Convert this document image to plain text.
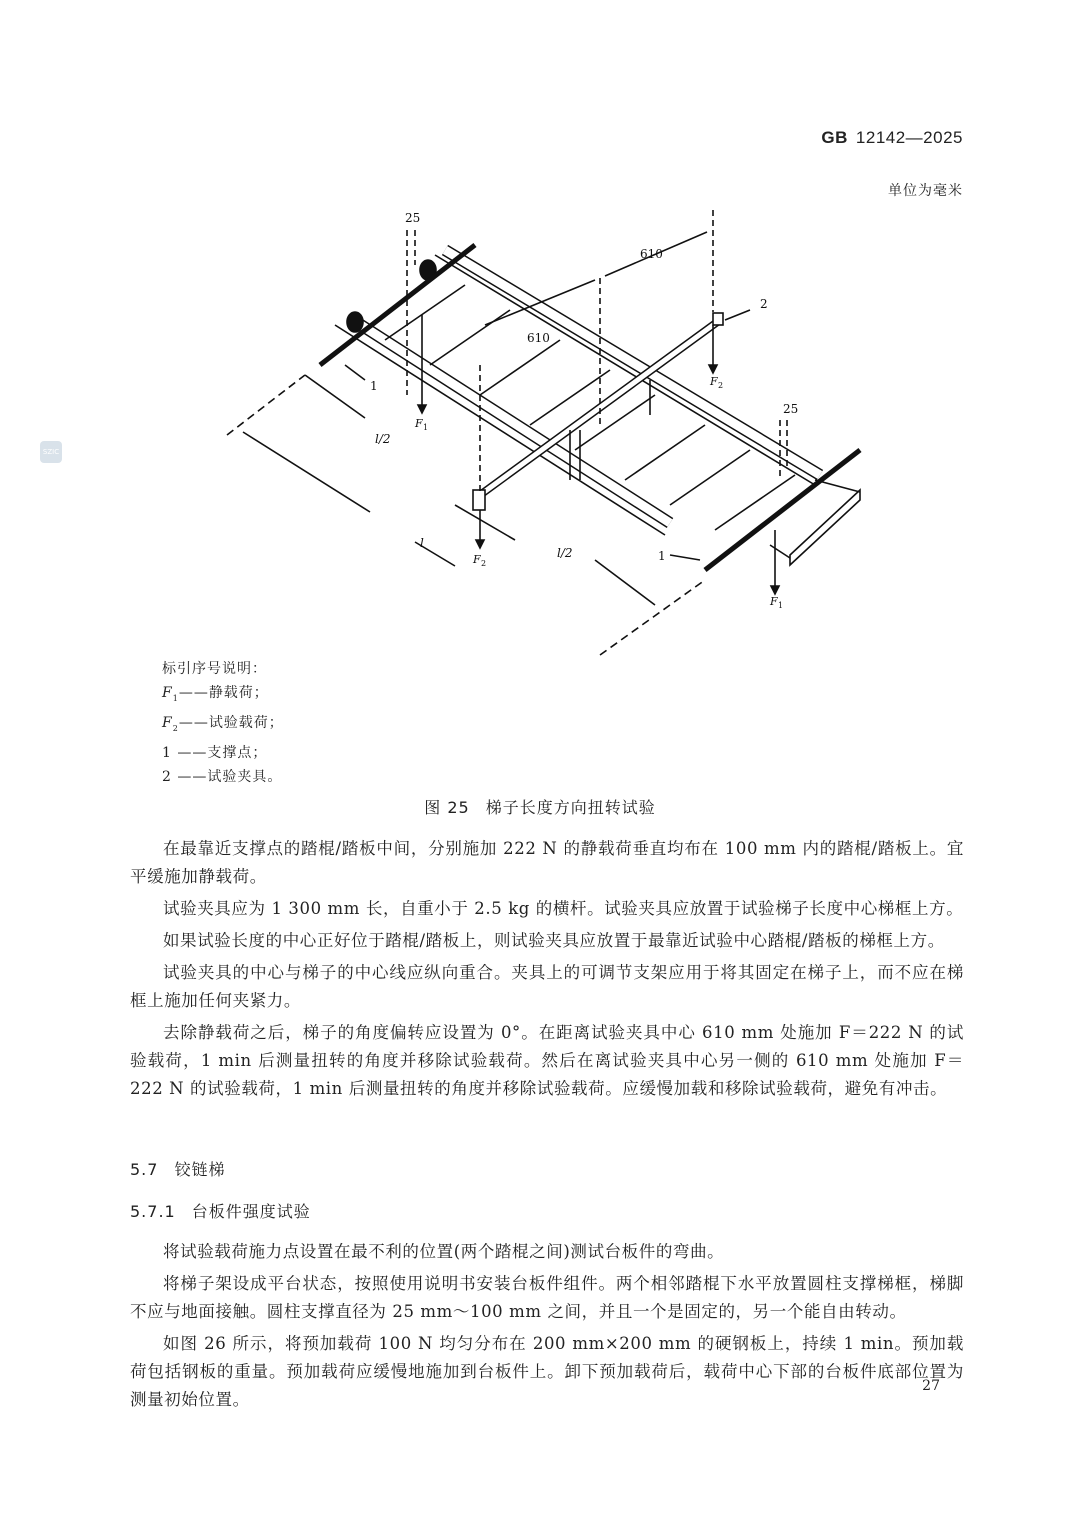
GB 12142—2025
单位为毫米
SZIC
25
610
610
25
2
1
1
F 1
F 2
F 2
F 1
l/2
l/2
l
标引序号说明：
$F_1——$静载荷；
$F_2——$试验载荷；
1 ——支撑点；
2 ——试验夹具。
图 25 梯子长度方向扭转试验

在最靠近支撑点的踏棍/踏板中间，分别施加 222 N 的静载荷垂直均布在 100 mm 内的踏棍/踏板上。宜平缓施加静载荷。

试验夹具应为 1 300 mm 长，自重小于 2.5 kg 的横杆。试验夹具应放置于试验梯子长度中心梯框上方。

如果试验长度的中心正好位于踏棍/踏板上，则试验夹具应放置于最靠近试验中心踏棍/踏板的梯框上方。

试验夹具的中心与梯子的中心线应纵向重合。夹具上的可调节支架应用于将其固定在梯子上，而不应在梯框上施加任何夹紧力。

去除静载荷之后，梯子的角度偏转应设置为 0°。在距离试验夹具中心 610 mm 处施加 F＝222 N 的试验载荷，1 min 后测量扭转的角度并移除试验载荷。然后在离试验夹具中心另一侧的 610 mm 处施加 F＝222 N 的试验载荷，1 min 后测量扭转的角度并移除试验载荷。应缓慢加载和移除试验载荷，避免有冲击。

5.7 铰链梯
5.7.1 台板件强度试验

将试验载荷施力点设置在最不利的位置(两个踏棍之间)测试台板件的弯曲。

将梯子架设成平台状态，按照使用说明书安装台板件组件。两个相邻踏棍下水平放置圆柱支撑梯框，梯脚不应与地面接触。圆柱支撑直径为 25 mm～100 mm 之间，并且一个是固定的，另一个能自由转动。

如图 26 所示，将预加载荷 100 N 均匀分布在 200 mm×200 mm 的硬钢板上，持续 1 min。预加载荷包括钢板的重量。预加载荷应缓慢地施加到台板件上。卸下预加载荷后，载荷中心下部的台板件底部位置为测量初始位置。

27
